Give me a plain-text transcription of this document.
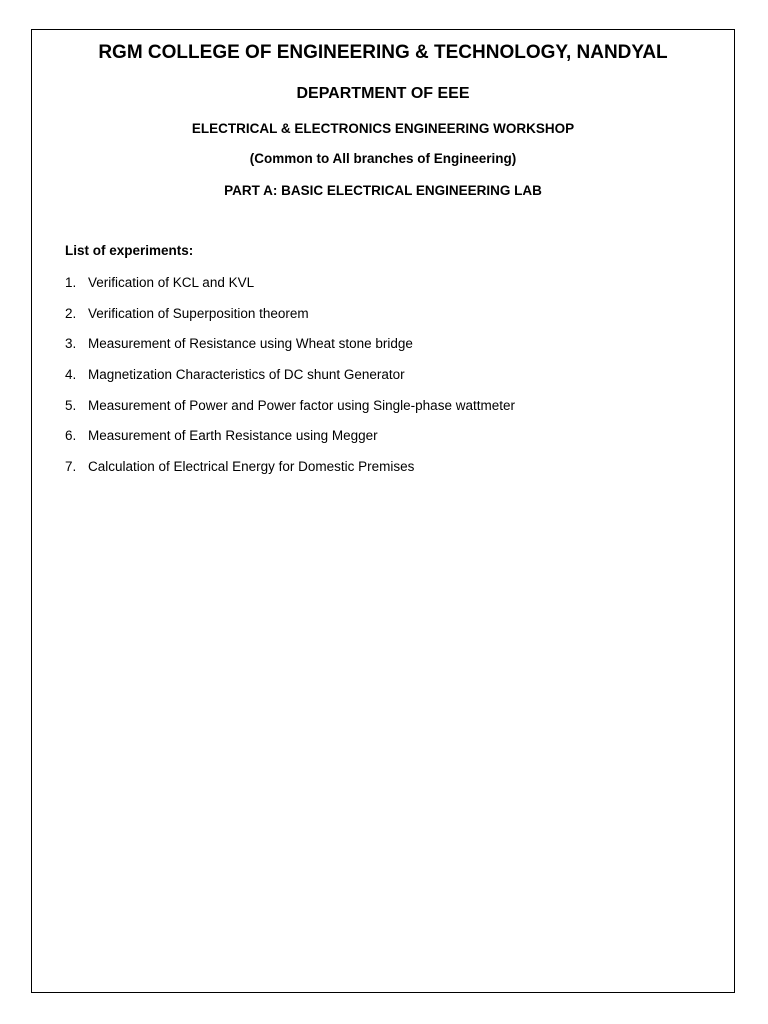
RGM COLLEGE OF ENGINEERING & TECHNOLOGY, NANDYAL
DEPARTMENT OF EEE
ELECTRICAL & ELECTRONICS ENGINEERING WORKSHOP
(Common to All branches of Engineering)
PART A: BASIC ELECTRICAL ENGINEERING LAB
List of experiments:
1. Verification of KCL and KVL
2. Verification of Superposition theorem
3. Measurement of Resistance using Wheat stone bridge
4. Magnetization Characteristics of DC shunt Generator
5. Measurement of Power and Power factor using Single-phase wattmeter
6. Measurement of Earth Resistance using Megger
7. Calculation of Electrical Energy for Domestic Premises
